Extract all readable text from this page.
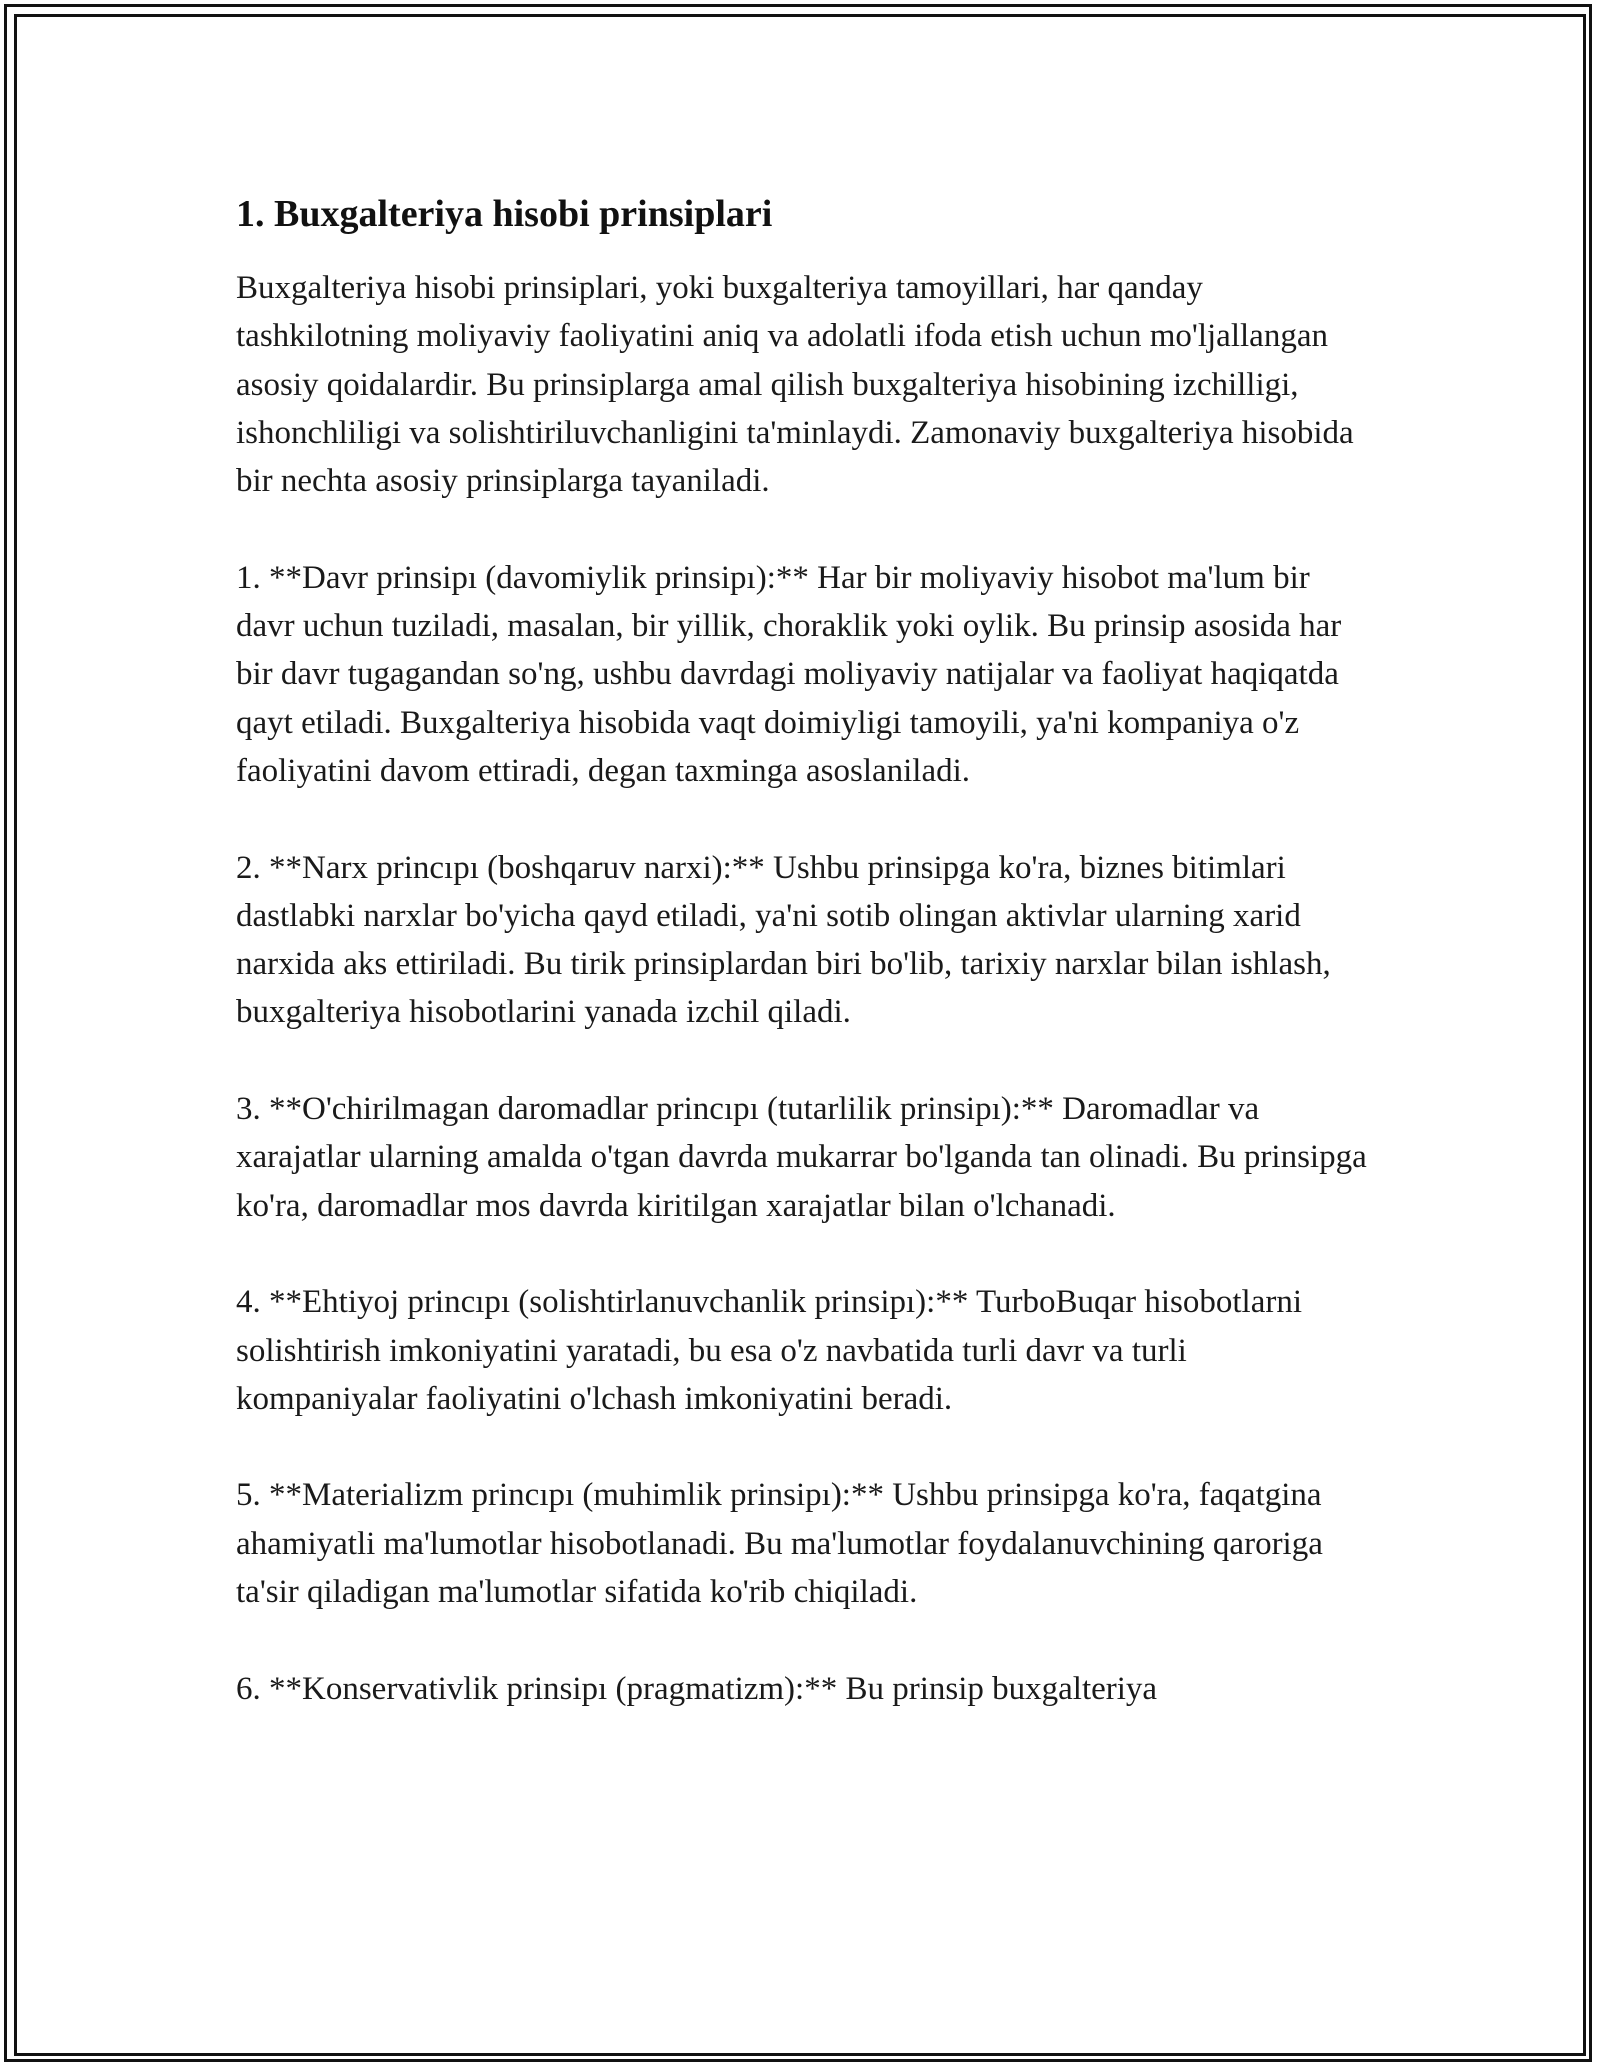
1. Buxgalteriya hisobi prinsiplari

Buxgalteriya hisobi prinsiplari, yoki buxgalteriya tamoyillari, har qanday tashkilotning moliyaviy faoliyatini aniq va adolatli ifoda etish uchun mo'ljallangan asosiy qoidalardir. Bu prinsiplarga amal qilish buxgalteriya hisobining izchilligi, ishonchliligi va solishtiriluvchanligini ta'minlaydi. Zamonaviy buxgalteriya hisobida bir nechta asosiy prinsiplarga tayaniladi.

1. **Davr prinsipı (davomiylik prinsipı):** Har bir moliyaviy hisobot ma'lum bir davr uchun tuziladi, masalan, bir yillik, choraklik yoki oylik. Bu prinsip asosida har bir davr tugagandan so'ng, ushbu davrdagi moliyaviy natijalar va faoliyat haqiqatda qayt etiladi. Buxgalteriya hisobida vaqt doimiyligi tamoyili, ya'ni kompaniya o'z faoliyatini davom ettiradi, degan taxminga asoslaniladi.

2. **Narx princıpı (boshqaruv narxi):** Ushbu prinsipga ko'ra, biznes bitimlari dastlabki narxlar bo'yicha qayd etiladi, ya'ni sotib olingan aktivlar ularning xarid narxida aks ettiriladi. Bu tirik prinsiplardan biri bo'lib, tarixiy narxlar bilan ishlash, buxgalteriya hisobotlarini yanada izchil qiladi.

3. **O'chirilmagan daromadlar princıpı (tutarlilik prinsipı):** Daromadlar va xarajatlar ularning amalda o'tgan davrda mukarrar bo'lganda tan olinadi. Bu prinsipga ko'ra, daromadlar mos davrda kiritilgan xarajatlar bilan o'lchanadi.

4. **Ehtiyoj princıpı (solishtirlanuvchanlik prinsipı):** TurboBuqar hisobotlarni solishtirish imkoniyatini yaratadi, bu esa o'z navbatida turli davr va turli kompaniyalar faoliyatini o'lchash imkoniyatini beradi.

5. **Materializm princıpı (muhimlik prinsipı):** Ushbu prinsipga ko'ra, faqatgina ahamiyatli ma'lumotlar hisobotlanadi. Bu ma'lumotlar foydalanuvchining qaroriga ta'sir qiladigan ma'lumotlar sifatida ko'rib chiqiladi.

6. **Konservativlik prinsipı (pragmatizm):** Bu prinsip buxgalteriya
